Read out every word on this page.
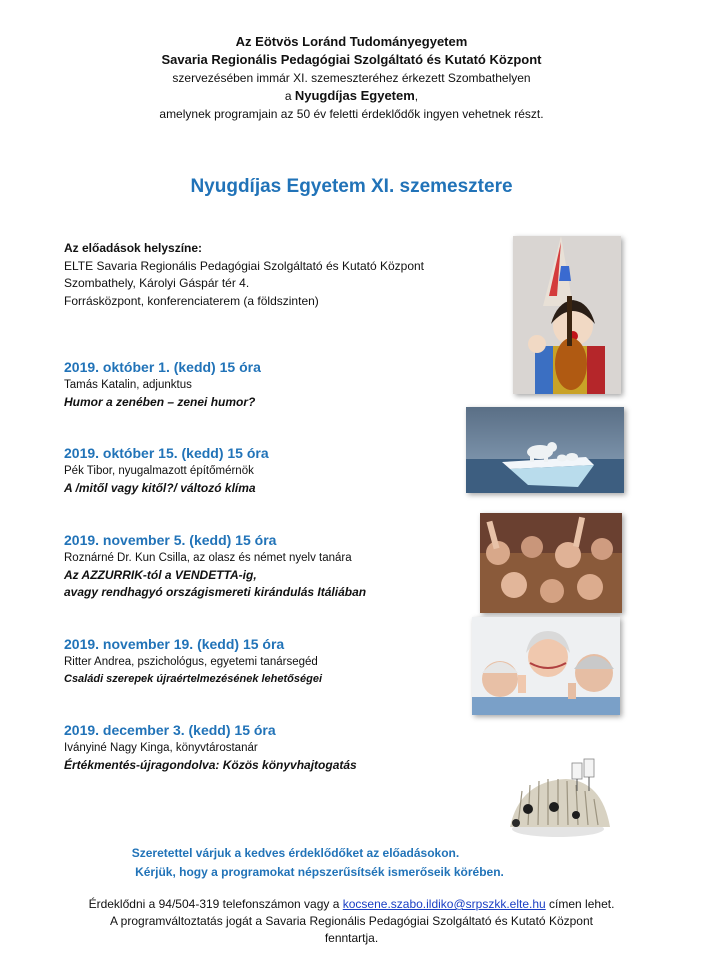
Az Eötvös Loránd Tudományegyetem
Savaria Regionális Pedagógiai Szolgáltató és Kutató Központ
szervezésében immár XI. szemeszteréhez érkezett Szombathelyen
a Nyugdíjas Egyetem,
amelynek programjain az 50 év feletti érdeklődők ingyen vehetnek részt.
Nyugdíjas Egyetem XI. szemesztere
Az előadások helyszíne:
ELTE Savaria Regionális Pedagógiai Szolgáltató és Kutató Központ
Szombathely, Károlyi Gáspár tér 4.
Forrásközpont, konferenciaterem (a földszinten)
2019. október 1. (kedd) 15 óra
Tamás Katalin, adjunktus
Humor a zenében – zenei humor?
2019. október 15. (kedd) 15 óra
Pék Tibor, nyugalmazott építőmérnök
A /mitől vagy kitől?/ változó klíma
2019. november 5. (kedd) 15 óra
Roznárné Dr. Kun Csilla, az olasz és német nyelv tanára
Az AZZURRIK-tól a VENDETTA-ig,
avagy rendhagyó országismereti kirándulás Itáliában
2019. november 19. (kedd) 15 óra
Ritter Andrea, pszichológus, egyetemi tanársegéd
Családi szerepek újraértelmezésének lehetőségei
2019. december 3. (kedd) 15 óra
Iványiné Nagy Kinga, könyvtárostanár
Értékmentés-újragondolva: Közös könyvhajtogatás
Szeretettel várjuk a kedves érdeklődőket az előadásokon.
Kérjük, hogy a programokat népszerűsítsék ismerőseik körében.
Érdeklődni a 94/504-319 telefonszámon vagy a kocsene.szabo.ildiko@srpszkk.elte.hu címen lehet.
A programváltoztatás jogát a Savaria Regionális Pedagógiai Szolgáltató és Kutató Központ
fenntartja.
